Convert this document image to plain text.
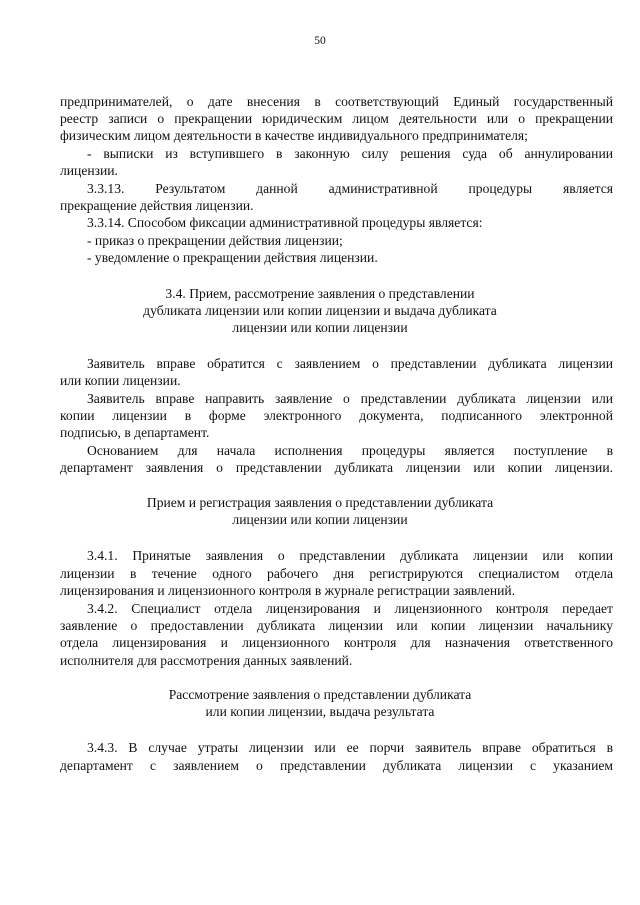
50
предпринимателей, о дате внесения в соответствующий Единый государственный
реестр записи о прекращении юридическим лицом деятельности или о прекращении
физическим лицом деятельности в качестве индивидуального предпринимателя;
- выписки из вступившего в законную силу решения суда об аннулировании
лицензии.
3.3.13. Результатом данной административной процедуры является
прекращение действия лицензии.
3.3.14. Способом фиксации административной процедуры является:
- приказ о прекращении действия лицензии;
- уведомление о прекращении действия лицензии.
3.4. Прием, рассмотрение заявления о представлении
дубликата лицензии или копии лицензии и выдача дубликата
лицензии или копии лицензии
Заявитель вправе обратится с заявлением о представлении дубликата лицензии
или копии лицензии.
Заявитель вправе направить заявление о представлении дубликата лицензии или
копии лицензии в форме электронного документа, подписанного электронной
подписью, в департамент.
Основанием для начала исполнения процедуры является поступление в
департамент заявления о представлении дубликата лицензии или копии лицензии.
Прием и регистрация заявления о представлении дубликата
лицензии или копии лицензии
3.4.1. Принятые заявления о представлении дубликата лицензии или копии
лицензии в течение одного рабочего дня регистрируются специалистом отдела
лицензирования и лицензионного контроля в журнале регистрации заявлений.
3.4.2. Специалист отдела лицензирования и лицензионного контроля передает
заявление о предоставлении дубликата лицензии или копии лицензии начальнику
отдела лицензирования и лицензионного контроля для назначения ответственного
исполнителя для рассмотрения данных заявлений.
Рассмотрение заявления о представлении дубликата
или копии лицензии, выдача результата
3.4.3. В случае утраты лицензии или ее порчи заявитель вправе обратиться в
департамент с заявлением о представлении дубликата лицензии с указанием
